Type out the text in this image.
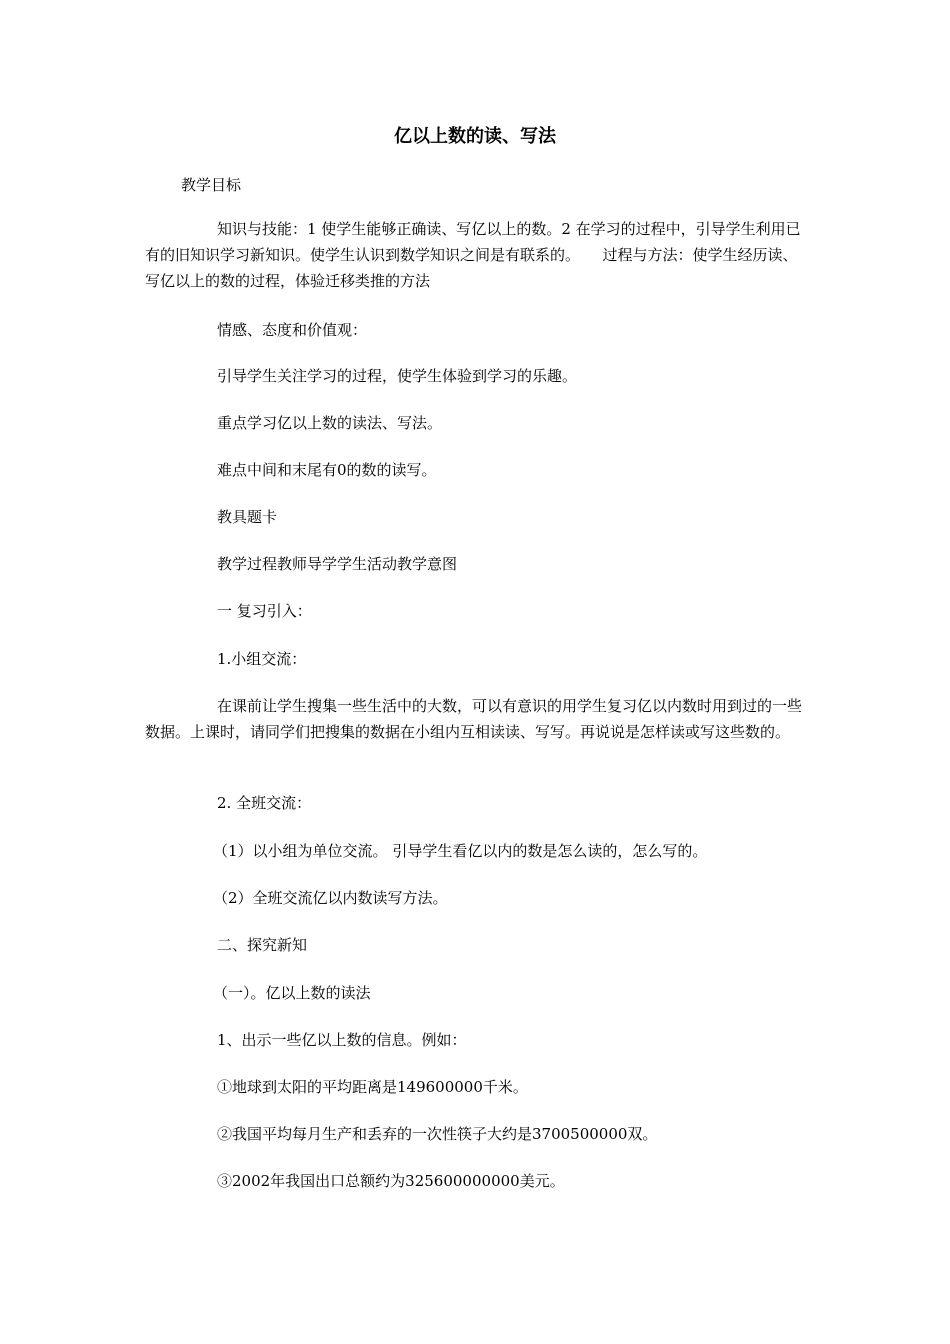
亿以上数的读、写法

教学目标

知识与技能：1 使学生能够正确读、写亿以上的数。2 在学习的过程中，引导学生利用已有的旧知识学习新知识。使学生认识到数学知识之间是有联系的。　　过程与方法：使学生经历读、写亿以上的数的过程，体验迁移类推的方法

情感、态度和价值观：

引导学生关注学习的过程，使学生体验到学习的乐趣。

重点学习亿以上数的读法、写法。

难点中间和末尾有0的数的读写。

教具题卡

教学过程教师导学学生活动教学意图

一 复习引入：

1.小组交流：

在课前让学生搜集一些生活中的大数，可以有意识的用学生复习亿以内数时用到过的一些数据。上课时，请同学们把搜集的数据在小组内互相读读、写写。再说说是怎样读或写这些数的。

2. 全班交流：

（1）以小组为单位交流。 引导学生看亿以内的数是怎么读的，怎么写的。

（2）全班交流亿以内数读写方法。

二、探究新知

（一）。亿以上数的读法

1、出示一些亿以上数的信息。例如：

①地球到太阳的平均距离是149600000千米。

②我国平均每月生产和丢弃的一次性筷子大约是3700500000双。

③2002年我国出口总额约为325600000000美元。
